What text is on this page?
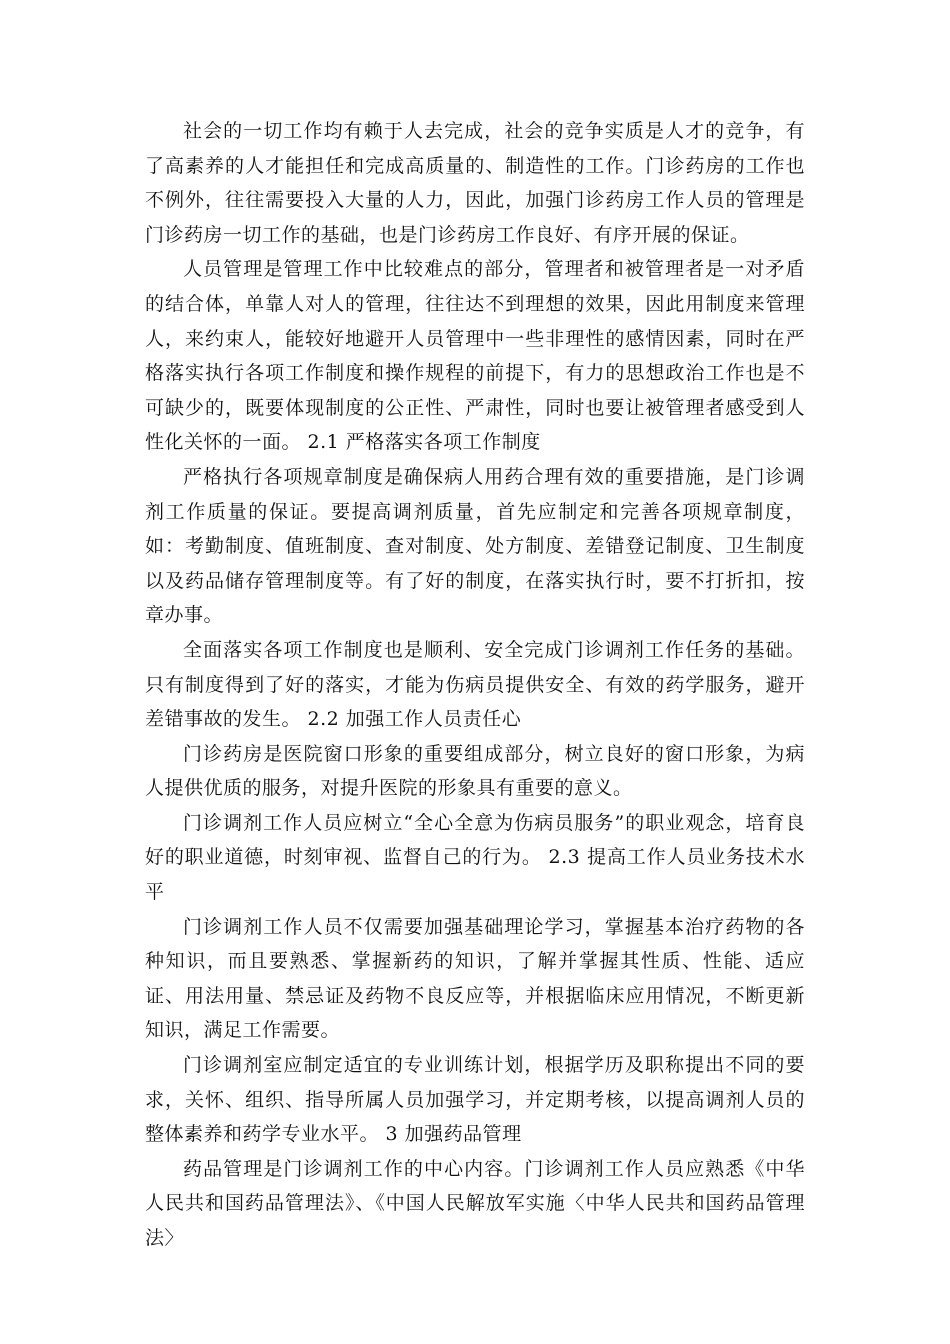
社会的一切工作均有赖于人去完成，社会的竞争实质是人才的竞争，有了高素养的人才能担任和完成高质量的、制造性的工作。门诊药房的工作也不例外，往往需要投入大量的人力，因此，加强门诊药房工作人员的管理是门诊药房一切工作的基础，也是门诊药房工作良好、有序开展的保证。

人员管理是管理工作中比较难点的部分，管理者和被管理者是一对矛盾的结合体，单靠人对人的管理，往往达不到理想的效果，因此用制度来管理人，来约束人，能较好地避开人员管理中一些非理性的感情因素，同时在严格落实执行各项工作制度和操作规程的前提下，有力的思想政治工作也是不可缺少的，既要体现制度的公正性、严肃性，同时也要让被管理者感受到人性化关怀的一面。 2.1 严格落实各项工作制度

严格执行各项规章制度是确保病人用药合理有效的重要措施，是门诊调剂工作质量的保证。要提高调剂质量，首先应制定和完善各项规章制度，如：考勤制度、值班制度、查对制度、处方制度、差错登记制度、卫生制度以及药品储存管理制度等。有了好的制度，在落实执行时，要不打折扣，按章办事。

全面落实各项工作制度也是顺利、安全完成门诊调剂工作任务的基础。只有制度得到了好的落实，才能为伤病员提供安全、有效的药学服务，避开差错事故的发生。 2.2 加强工作人员责任心

门诊药房是医院窗口形象的重要组成部分，树立良好的窗口形象，为病人提供优质的服务，对提升医院的形象具有重要的意义。

门诊调剂工作人员应树立“全心全意为伤病员服务”的职业观念，培育良好的职业道德，时刻审视、监督自己的行为。 2.3 提高工作人员业务技术水平

门诊调剂工作人员不仅需要加强基础理论学习，掌握基本治疗药物的各种知识，而且要熟悉、掌握新药的知识，了解并掌握其性质、性能、适应证、用法用量、禁忌证及药物不良反应等，并根据临床应用情况，不断更新知识，满足工作需要。

门诊调剂室应制定适宜的专业训练计划，根据学历及职称提出不同的要求，关怀、组织、指导所属人员加强学习，并定期考核，以提高调剂人员的整体素养和药学专业水平。 3 加强药品管理

药品管理是门诊调剂工作的中心内容。门诊调剂工作人员应熟悉《中华人民共和国药品管理法》、《中国人民解放军实施〈中华人民共和国药品管理法〉
